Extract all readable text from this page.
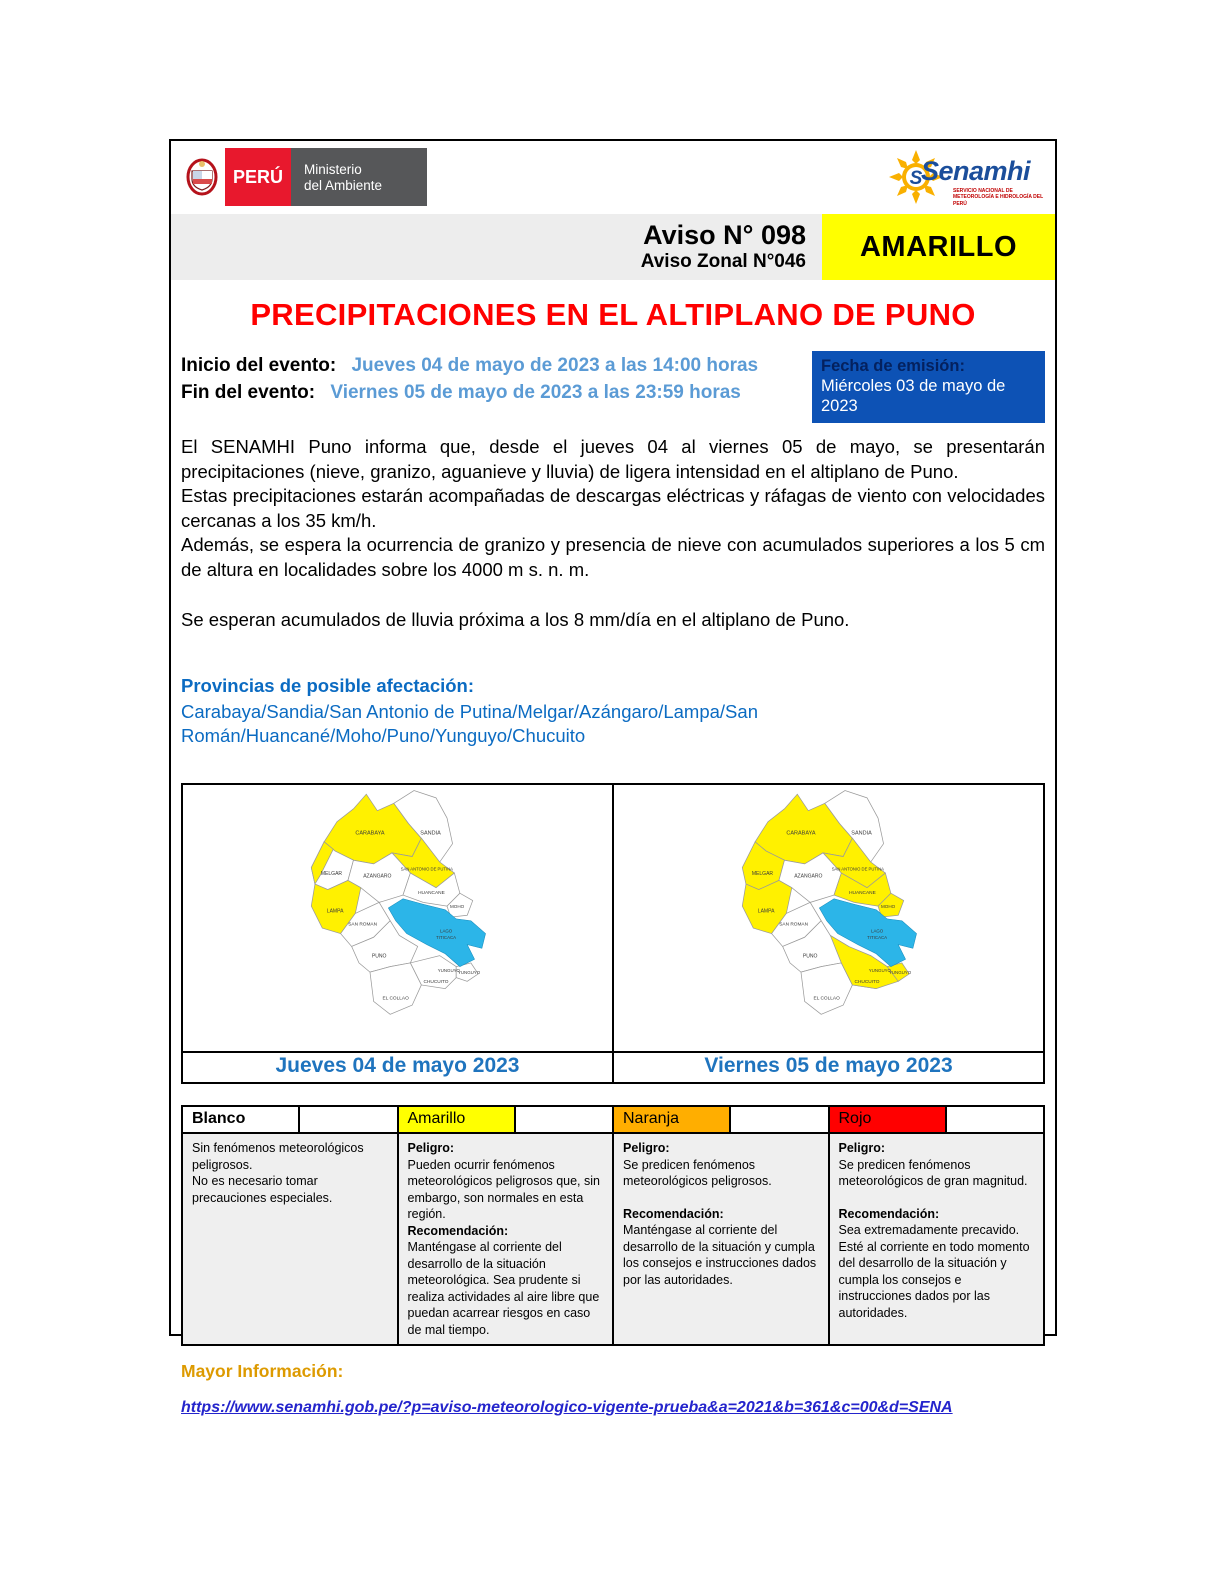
PERÚ Ministerio
del Ambiente	S
Senamhi
SERVICIO NACIONAL DE METEOROLOGÍA E HIDROLOGÍA DEL PERÚ
Aviso N° 098
Aviso Zonal N°046 AMARILLO
PRECIPITACIONES EN EL ALTIPLANO DE PUNO
Inicio del evento: Jueves 04 de mayo de 2023 a las 14:00 horas
Fin del evento: Viernes 05 de mayo de 2023 a las 23:59 horas
Fecha de emisión:
Miércoles 03 de mayo de 2023

El SENAMHI Puno informa que, desde el jueves 04 al viernes 05 de mayo, se presentarán precipitaciones (nieve, granizo, aguanieve y lluvia) de ligera intensidad en el altiplano de Puno.

Estas precipitaciones estarán acompañadas de descargas eléctricas y ráfagas de viento con velocidades cercanas a los 35 km/h.

Además, se espera la ocurrencia de granizo y presencia de nieve con acumulados superiores a los 5 cm de altura en localidades sobre los 4000 m s. n. m.

Se esperan acumulados de lluvia próxima a los 8 mm/día en el altiplano de Puno.

Provincias de posible afectación:
Carabaya/Sandia/San Antonio de Putina/Melgar/Azángaro/Lampa/San Román/Huancané/Moho/Puno/Yunguyo/Chucuito
CARABAYA	SANDIA
MELGAR
SAN ANTONIO DE PUTINA
AZANGARO
HUANCANE
MOHO
LAMPA
SAN ROMAN
LAGO
TITICACA
PUNO
YUNGUYO
YUNGUYO
CHUCUITO
EL COLLAO
CARABAYA	SANDIA
MELGAR
SAN ANTONIO DE PUTINA
AZANGARO
HUANCANE
MOHO
LAMPA
SAN ROMAN
LAGO
TITICACA
PUNO
YUNGUYO
YUNGUYO
CHUCUITO
EL COLLAO
Jueves 04 de mayo 2023	Viernes 05 de mayo 2023
Blanco
Sin fenómenos meteorológicos peligrosos.
No es necesario tomar precauciones especiales.
Amarillo
Peligro:
Pueden ocurrir fenómenos meteorológicos peligrosos que, sin embargo, son normales en esta región.
Recomendación:
Manténgase al corriente del desarrollo de la situación meteorológica. Sea prudente si realiza actividades al aire libre que puedan acarrear riesgos en caso de mal tiempo.
Naranja
Peligro:
Se predicen fenómenos meteorológicos peligrosos.
Recomendación:
Manténgase al corriente del desarrollo de la situación y cumpla los consejos e instrucciones dados por las autoridades.
Rojo
Peligro:
Se predicen fenómenos meteorológicos de gran magnitud.
Recomendación:
Sea extremadamente precavido. Esté al corriente en todo momento del desarrollo de la situación y cumpla los consejos e instrucciones dados por las autoridades.
Mayor Información:
https://www.senamhi.gob.pe/?p=aviso-meteorologico-vigente-prueba&a=2021&b=361&c=00&d=SENA
